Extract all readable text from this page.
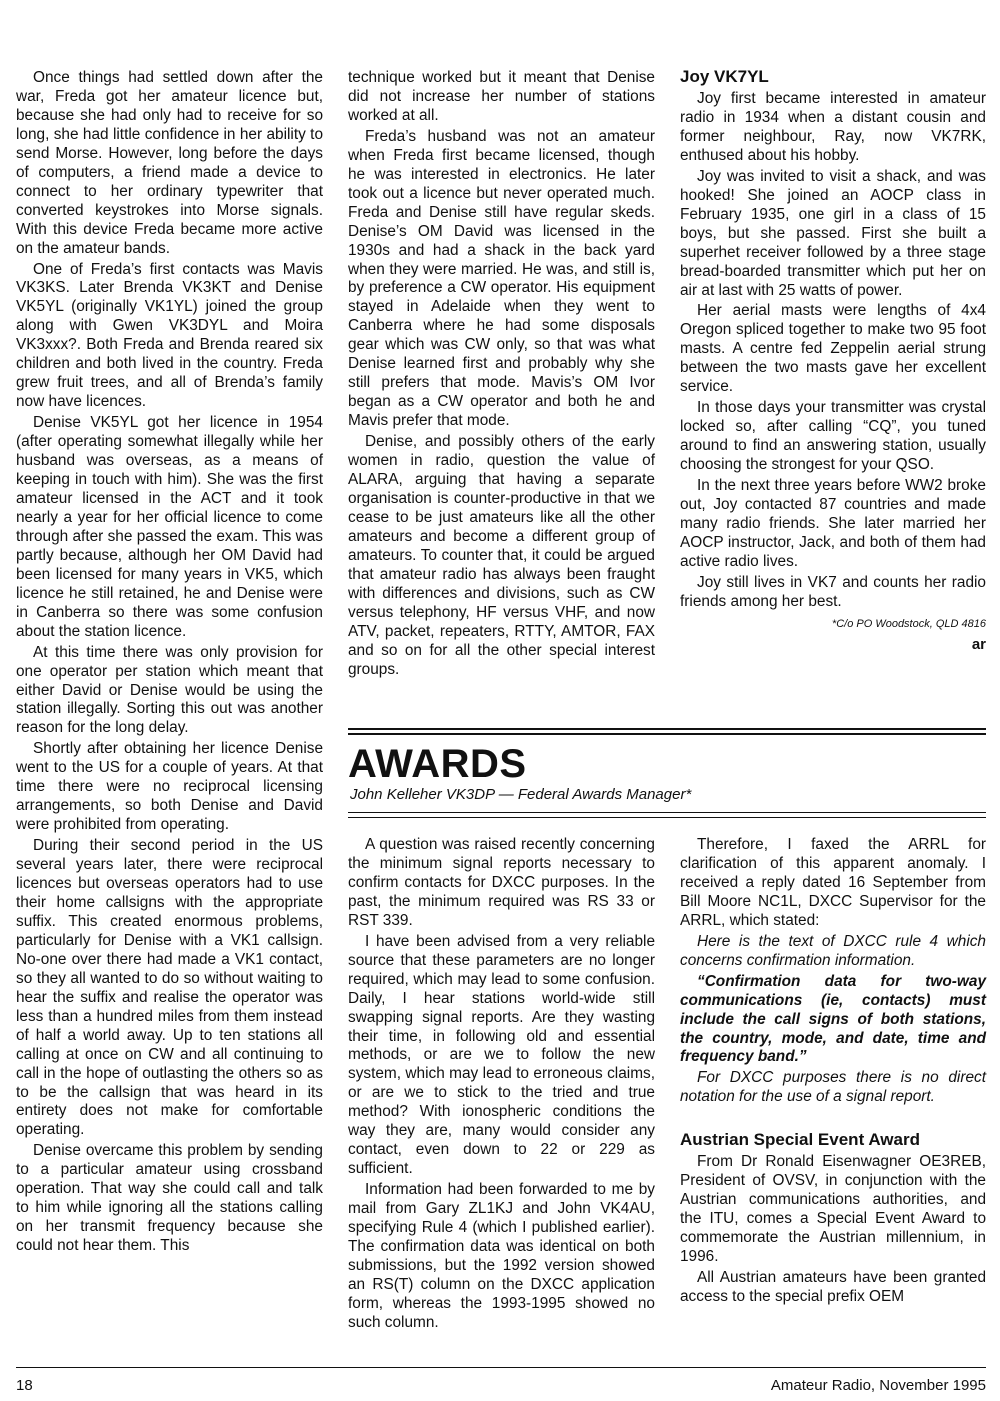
Once things had settled down after the war, Freda got her amateur licence but, because she had only had to receive for so long, she had little confidence in her ability to send Morse. However, long before the days of computers, a friend made a device to connect to her ordinary typewriter that converted keystrokes into Morse signals. With this device Freda became more active on the amateur bands.

One of Freda’s first contacts was Mavis VK3KS. Later Brenda VK3KT and Denise VK5YL (originally VK1YL) joined the group along with Gwen VK3DYL and Moira VK3xxx?. Both Freda and Brenda reared six children and both lived in the country. Freda grew fruit trees, and all of Brenda’s family now have licences.

Denise VK5YL got her licence in 1954 (after operating somewhat illegally while her husband was overseas, as a means of keeping in touch with him). She was the first amateur licensed in the ACT and it took nearly a year for her official licence to come through after she passed the exam. This was partly because, although her OM David had been licensed for many years in VK5, which licence he still retained, he and Denise were in Canberra so there was some confusion about the station licence.

At this time there was only provision for one operator per station which meant that either David or Denise would be using the station illegally. Sorting this out was another reason for the long delay.

Shortly after obtaining her licence Denise went to the US for a couple of years. At that time there were no reciprocal licensing arrangements, so both Denise and David were prohibited from operating.

During their second period in the US several years later, there were reciprocal licences but overseas operators had to use their home callsigns with the appropriate suffix. This created enormous problems, particularly for Denise with a VK1 callsign. No-one over there had made a VK1 contact, so they all wanted to do so without waiting to hear the suffix and realise the operator was less than a hundred miles from them instead of half a world away. Up to ten stations all calling at once on CW and all continuing to call in the hope of outlasting the others so as to be the callsign that was heard in its entirety does not make for comfortable operating.

Denise overcame this problem by sending to a particular amateur using crossband operation. That way she could call and talk to him while ignoring all the stations calling on her transmit frequency because she could not hear them. This

technique worked but it meant that Denise did not increase her number of stations worked at all.

Freda’s husband was not an amateur when Freda first became licensed, though he was interested in electronics. He later took out a licence but never operated much. Freda and Denise still have regular skeds. Denise’s OM David was licensed in the 1930s and had a shack in the back yard when they were married. He was, and still is, by preference a CW operator. His equipment stayed in Adelaide when they went to Canberra where he had some disposals gear which was CW only, so that was what Denise learned first and probably why she still prefers that mode. Mavis’s OM Ivor began as a CW operator and both he and Mavis prefer that mode.

Denise, and possibly others of the early women in radio, question the value of ALARA, arguing that having a separate organisation is counter-productive in that we cease to be just amateurs like all the other amateurs and become a different group of amateurs. To counter that, it could be argued that amateur radio has always been fraught with differences and divisions, such as CW versus telephony, HF versus VHF, and now ATV, packet, repeaters, RTTY, AMTOR, FAX and so on for all the other special interest groups.

Joy VK7YL

Joy first became interested in amateur radio in 1934 when a distant cousin and former neighbour, Ray, now VK7RK, enthused about his hobby.

Joy was invited to visit a shack, and was hooked! She joined an AOCP class in February 1935, one girl in a class of 15 boys, but she passed. First she built a superhet receiver followed by a three stage bread-boarded transmitter which put her on air at last with 25 watts of power.

Her aerial masts were lengths of 4x4 Oregon spliced together to make two 95 foot masts. A centre fed Zeppelin aerial strung between the two masts gave her excellent service.

In those days your transmitter was crystal locked so, after calling “CQ”, you tuned around to find an answering station, usually choosing the strongest for your QSO.

In the next three years before WW2 broke out, Joy contacted 87 countries and made many radio friends. She later married her AOCP instructor, Jack, and both of them had active radio lives.

Joy still lives in VK7 and counts her radio friends among her best.

*C/o PO Woodstock, QLD 4816

ar

AWARDS

John Kelleher VK3DP — Federal Awards Manager*

A question was raised recently concerning the minimum signal reports necessary to confirm contacts for DXCC purposes. In the past, the minimum required was RS 33 or RST 339.

I have been advised from a very reliable source that these parameters are no longer required, which may lead to some confusion. Daily, I hear stations world-wide still swapping signal reports. Are they wasting their time, in following old and essential methods, or are we to follow the new system, which may lead to erroneous claims, or are we to stick to the tried and true method? With ionospheric conditions the way they are, many would consider any contact, even down to 22 or 229 as sufficient.

Information had been forwarded to me by mail from Gary ZL1KJ and John VK4AU, specifying Rule 4 (which I published earlier). The confirmation data was identical on both submissions, but the 1992 version showed an RS(T) column on the DXCC application form, whereas the 1993-1995 showed no such column.

Therefore, I faxed the ARRL for clarification of this apparent anomaly. I received a reply dated 16 September from Bill Moore NC1L, DXCC Supervisor for the ARRL, which stated:

Here is the text of DXCC rule 4 which concerns confirmation information.

“Confirmation data for two-way communications (ie, contacts) must include the call signs of both stations, the country, mode, and date, time and frequency band.”

For DXCC purposes there is no direct notation for the use of a signal report.

Austrian Special Event Award

From Dr Ronald Eisenwagner OE3REB, President of OVSV, in conjunction with the Austrian communications authorities, and the ITU, comes a Special Event Award to commemorate the Austrian millennium, in 1996.

All Austrian amateurs have been granted access to the special prefix OEM

18	Amateur Radio, November 1995
